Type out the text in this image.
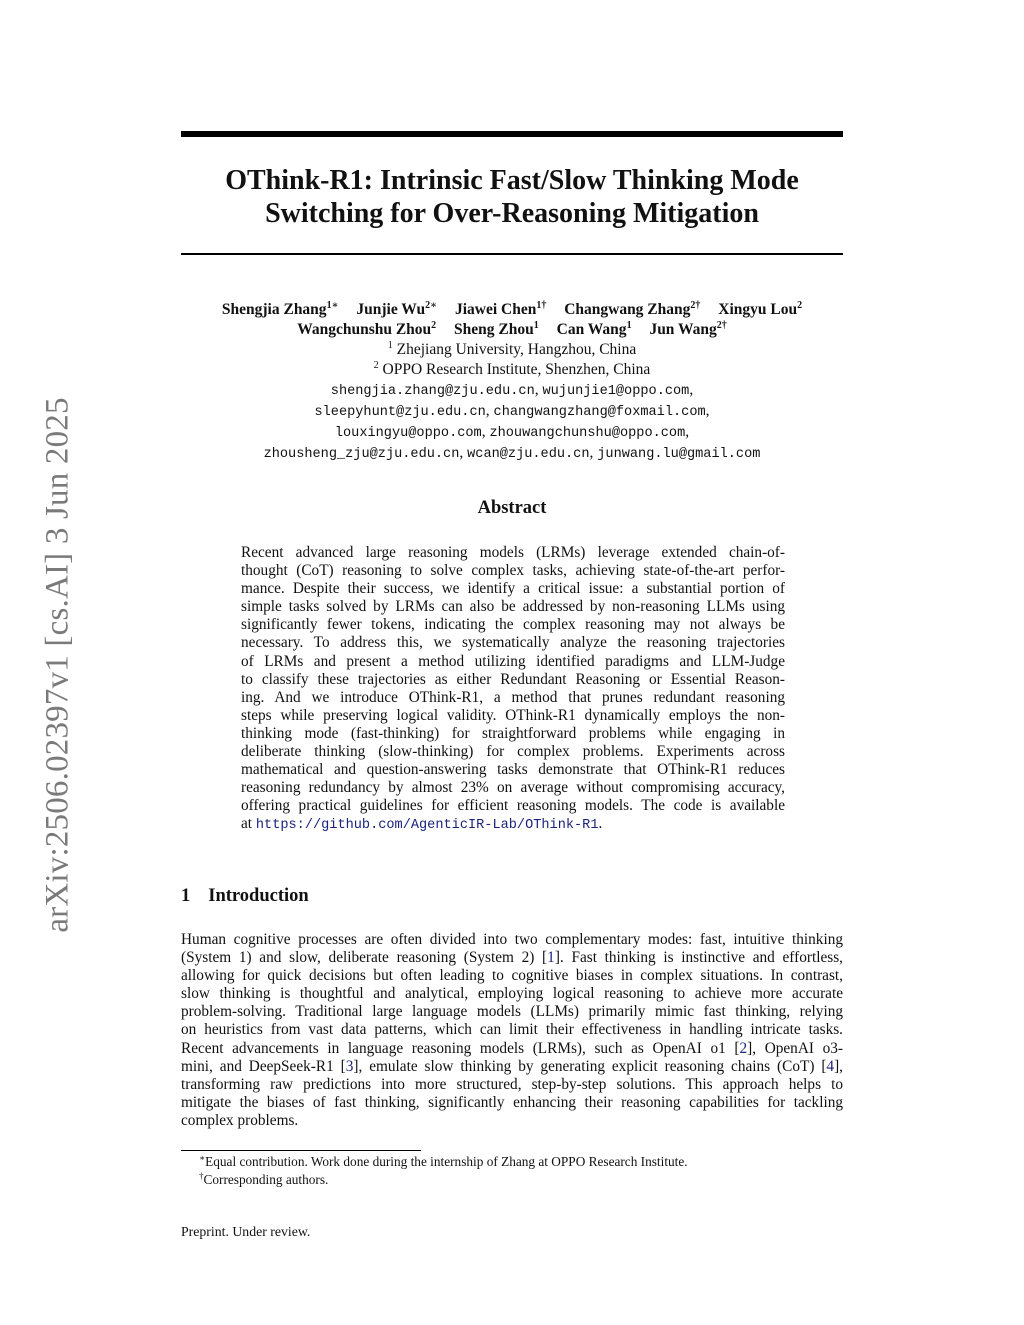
arXiv:2506.02397v1 [cs.AI] 3 Jun 2025
OThink-R1: Intrinsic Fast/Slow Thinking Mode
Switching for Over-Reasoning Mitigation
Shengjia Zhang$^{1∗}$ Junjie $Wu^{2∗}$ Jiawei Chen$^{1\dagger}$ Changwang Zhang$^{2\dagger}$ Xingyu Lou$^2$
Wangchunshu Zhou$^2$ Sheng Zhou$^1$ Can Wang$^1$ Jun Wang$^{2\dagger}$
$^1$ Zhejiang University, Hangzhou, China
$^2$ OPPO Research Institute, Shenzhen, China
shengjia.zhang@zju.edu.cn, wujunjie1@oppo.com,
sleepyhunt@zju.edu.cn, changwangzhang@foxmail.com,
louxingyu@oppo.com, zhouwangchunshu@oppo.com,
zhousheng_zju@zju.edu.cn, wcan@zju.edu.cn, junwang.lu@gmail.com
Abstract
Recent advanced large reasoning models (LRMs) leverage extended chain-of-
thought (CoT) reasoning to solve complex tasks, achieving state-of-the-art perfor-
mance. Despite their success, we identify a critical issue: a substantial portion of
simple tasks solved by LRMs can also be addressed by non-reasoning LLMs using
significantly fewer tokens, indicating the complex reasoning may not always be
necessary. To address this, we systematically analyze the reasoning trajectories
of LRMs and present a method utilizing identified paradigms and LLM-Judge
to classify these trajectories as either Redundant Reasoning or Essential Reason-
ing. And we introduce OThink-R1, a method that prunes redundant reasoning
steps while preserving logical validity. OThink-R1 dynamically employs the non-
thinking mode (fast-thinking) for straightforward problems while engaging in
deliberate thinking (slow-thinking) for complex problems. Experiments across
mathematical and question-answering tasks demonstrate that OThink-R1 reduces
reasoning redundancy by almost 23% on average without compromising accuracy,
offering practical guidelines for efficient reasoning models. The code is available
at https://github.com/AgenticIR-Lab/OThink-R1.
1 Introduction
Human cognitive processes are often divided into two complementary modes: fast, intuitive thinking
(System 1) and slow, deliberate reasoning (System 2) [1]. Fast thinking is instinctive and effortless,
allowing for quick decisions but often leading to cognitive biases in complex situations. In contrast,
slow thinking is thoughtful and analytical, employing logical reasoning to achieve more accurate
problem-solving. Traditional large language models (LLMs) primarily mimic fast thinking, relying
on heuristics from vast data patterns, which can limit their effectiveness in handling intricate tasks.
Recent advancements in language reasoning models (LRMs), such as OpenAI o1 [2], OpenAI o3-
mini, and DeepSeek-R1 [3], emulate slow thinking by generating explicit reasoning chains (CoT) [4],
transforming raw predictions into more structured, step-by-step solutions. This approach helps to
mitigate the biases of fast thinking, significantly enhancing their reasoning capabilities for tackling
complex problems.
∗Equal contribution. Work done during the internship of Zhang at OPPO Research Institute.
†Corresponding authors.
Preprint. Under review.
